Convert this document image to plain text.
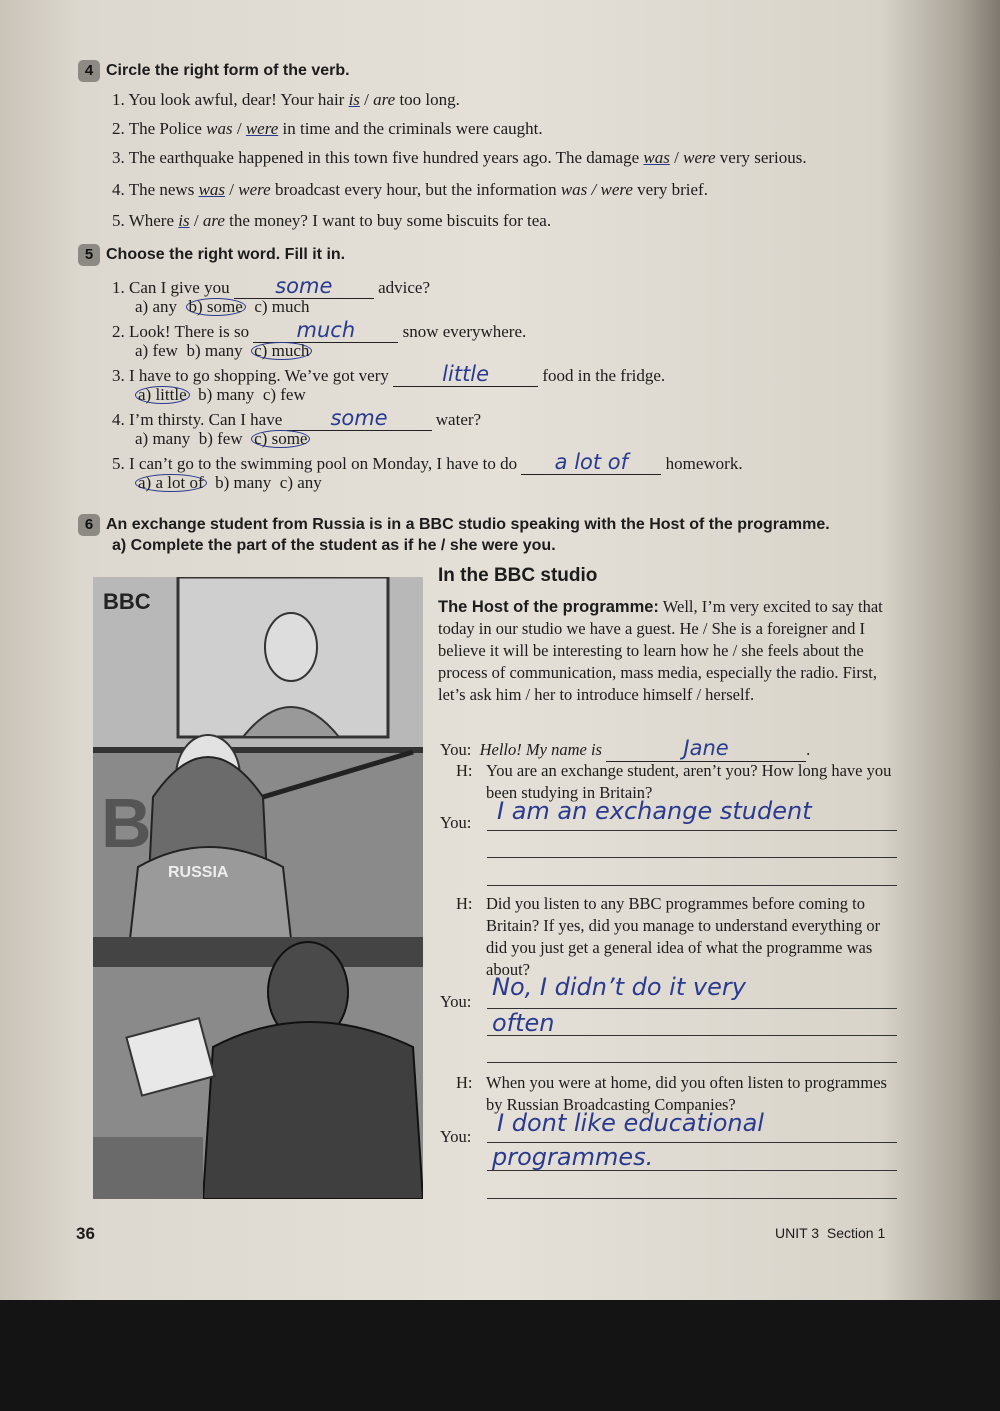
4 Circle the right form of the verb.
1. You look awful, dear! Your hair is / are too long.
2. The Police was / were in time and the criminals were caught.
3. The earthquake happened in this town five hundred years ago. The damage was / were very serious.
4. The news was / were broadcast every hour, but the information was / were very brief.
5. Where is / are the money? I want to buy some biscuits for tea.
5 Choose the right word. Fill it in.
1. Can I give you some	advice?
a) any b) some c) much
2. Look! There is so much	snow everywhere.
a) few b) many c) much
3. I have to go shopping. We’ve got very	little	food in the fridge.
a) little b) many c) few
4. I’m thirsty. Can I have some	water?
a) many b) few c) some
5. I can’t go to the swimming pool on Monday, I have to do a lot of homework.
a) a lot of b) many c) any
6 An exchange student from Russia is in a BBC studio speaking with the Host of the programme.
a) Complete the part of the student as if he / she were you.
BBC
B
RUSSIA
In the BBC studio
The Host of the programme: Well, I’m very excited to say that today in our studio we have a guest. He / She is a foreigner and I believe it will be interesting to learn how he / she feels about the process of communication, mass media, especially the radio. First, let’s ask him / her to introduce himself / herself.
You: Hello! My name is	Jane	.
H: You are an exchange student, aren’t you? How long have you been studying in Britain?
You: I am an exchange student
H: Did you listen to any BBC programmes before coming to Britain? If yes, did you manage to understand everything or did you just get a general idea of what the programme was about?
You:
No, I didn’t do it very
often
H: When you were at home, did you often listen to programmes by Russian Broadcasting Companies?
You: I dont like educational
programmes.
36	UNIT 3 Section 1
